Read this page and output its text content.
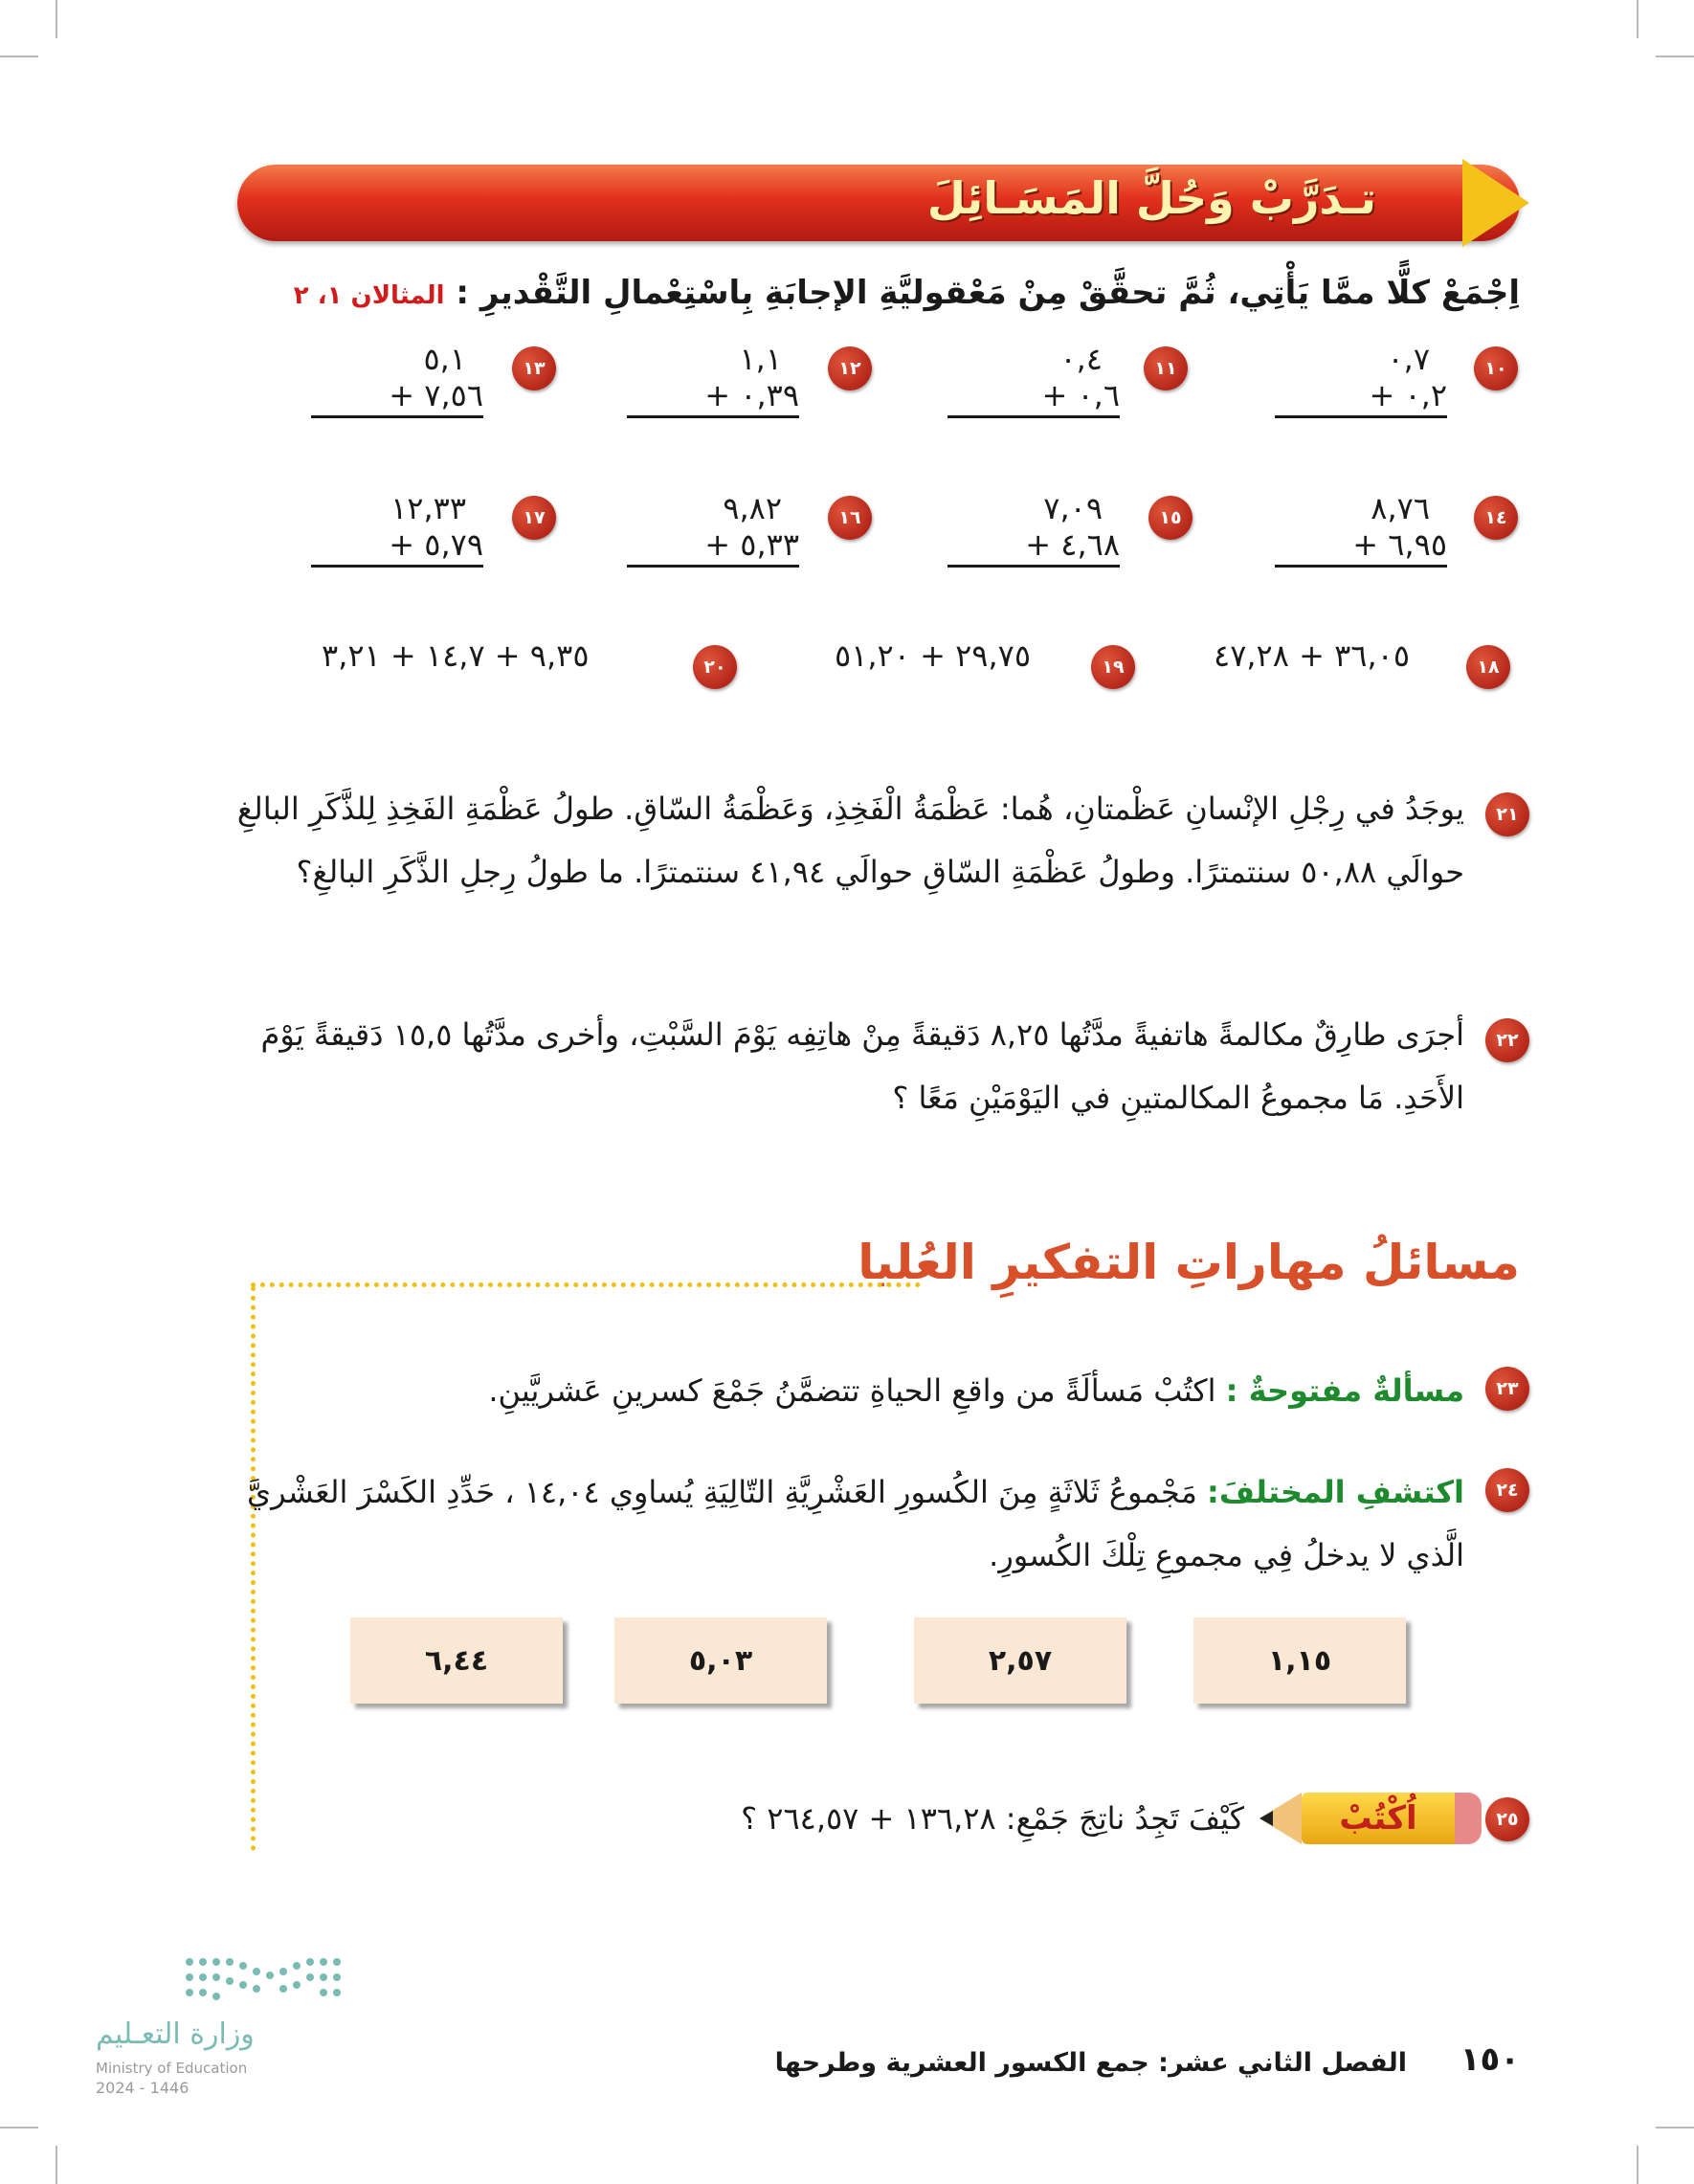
تـدَرَّبْ وَحُلَّ المَسَـائِلَ
اِجْمَعْ كلًّا ممَّا يَأْتِي، ثُمَّ تحقَّقْ مِنْ مَعْقوليَّةِ الإجابَةِ بِاسْتِعْمالِ التَّقْديرِ : المثالان ١، ٢
١٠
٠,٧
+ ٠,٢
١١
٠,٤
+ ٠,٦
١٢
١,١
+ ٠,٣٩
١٣
٥,١
+ ٧,٥٦
١٤
٨,٧٦
+ ٦,٩٥
١٥
٧,٠٩
+ ٤,٦٨
١٦
٩,٨٢
+ ٥,٣٣
١٧
١٢,٣٣
+ ٥,٧٩
١٨
٣٦,٠٥ + ٤٧,٢٨
١٩
٢٩,٧٥ + ٥١,٢٠
٢٠
٩,٣٥ + ١٤,٧ + ٣,٢١
٢١
يوجَدُ في رِجْلِ الإنْسانِ عَظْمتانِ، هُما: عَظْمَةُ الْفَخِذِ، وَعَظْمَةُ السّاقِ. طولُ عَظْمَةِ الفَخِذِ لِلذَّكَرِ البالغِ
حوالَي ٥٠,٨٨ سنتمترًا. وطولُ عَظْمَةِ السّاقِ حوالَي ٤١,٩٤ سنتمترًا. ما طولُ رِجلِ الذَّكَرِ البالغِ؟
٢٢
أجرَى طارِقٌ مكالمةً هاتفيةً مدَّتُها ٨,٢٥ دَقيقةً مِنْ هاتِفِه يَوْمَ السَّبْتِ، وأخرى مدَّتُها ١٥,٥ دَقيقةً يَوْمَ
الأَحَدِ. مَا مجموعُ المكالمتينِ في اليَوْمَيْنِ مَعًا ؟
مسائلُ مهاراتِ التفكيرِ العُليا
٢٣
مسألةٌ مفتوحةٌ : اكتُبْ مَسألَةً من واقعِ الحياةِ تتضمَّنُ جَمْعَ كسرينِ عَشريَّينِ.
٢٤
اكتشفِ المختلفَ: مَجْموعُ ثَلاثَةٍ مِنَ الكُسورِ العَشْرِيَّةِ التّالِيَةِ يُساوِي ١٤,٠٤ ، حَدِّدِ الكَسْرَ العَشْريَّ
الَّذي لا يدخلُ فِي مجموعِ تِلْكَ الكُسورِ.
١,١٥
٢,٥٧
٥,٠٣
٦,٤٤
٢٥
اُكْتُبْ
كَيْفَ تَجِدُ ناتِجَ جَمْعِ: ١٣٦,٢٨ + ٢٦٤,٥٧ ؟
وزارة التعـليم
Ministry of Education
2024 - 1446
١٥٠
الفصل الثاني عشر: جمع الكسور العشرية وطرحها
